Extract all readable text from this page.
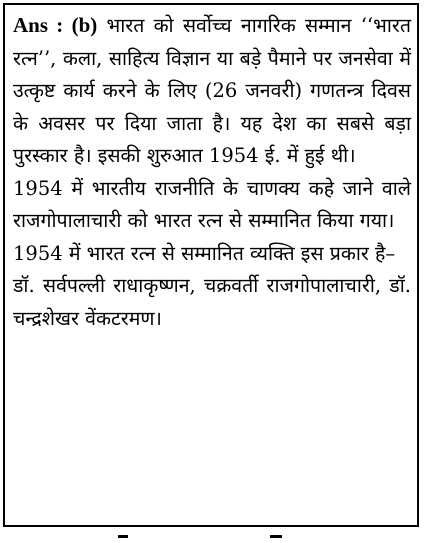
Ans : (b) भारत को सर्वोच्च नागरिक सम्मान ‘‘भारत रत्न’’, कला, साहित्य विज्ञान या बड़े पैमाने पर जनसेवा में उत्कृष्ट कार्य करने के लिए (26 जनवरी) गणतन्त्र दिवस के अवसर पर दिया जाता है। यह देश का सबसे बड़ा पुरस्कार है। इसकी शुरुआत 1954 ई. में हुई थी।

1954 में भारतीय राजनीति के चाणक्य कहे जाने वाले राजगोपालाचारी को भारत रत्न से सम्मानित किया गया।

1954 में भारत रत्न से सम्मानित व्यक्ति इस प्रकार है–

डॉ. सर्वपल्ली राधाकृष्णन, चक्रवर्ती राजगोपालाचारी, डॉ. चन्द्रशेखर वेंकटरमण।
